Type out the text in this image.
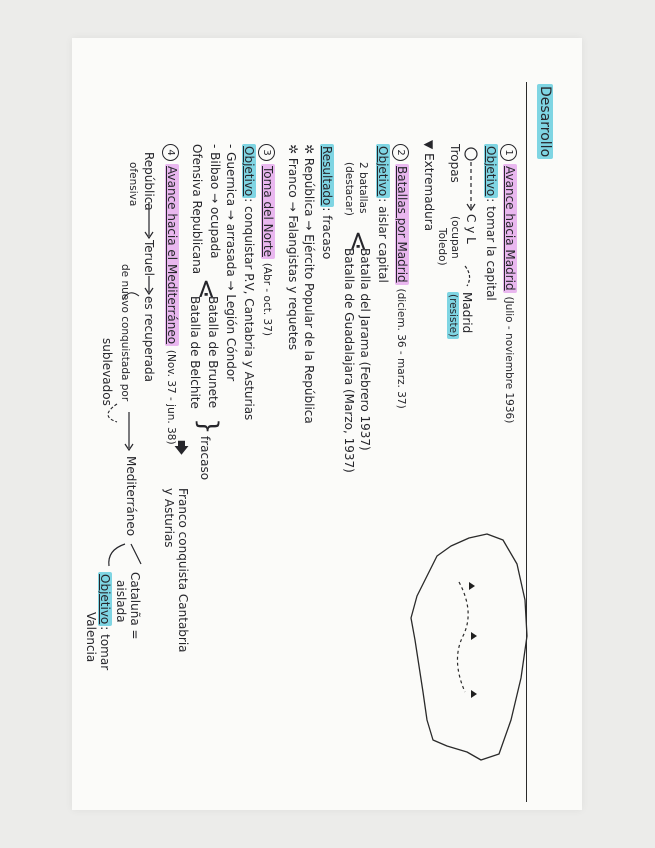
Desarrollo
1Avance hacia Madrid (Julio - noviembre 1936)
Objetivo: tomar la capital
Tropas
C y L
(ocupan
Toledo)
Madrid
(resiste)
▼ Extremadura
2Batallas por Madrid (diciem. 36 - marz. 37)
Objetivo: aislar capital
2 batallas
(destacar)
⋖
Batalla del Jarama (Febrero 1937)
Batalla de Guadalajara (Marzo, 1937)
Resultado: fracaso
✲ República → Ejército Popular de la República
✲ Franco → Falangistas y requetes
3Toma del Norte (Abr - oct. 37)
Objetivo: conquistar P.V, Cantabria y Asturias
- Guernica → arrasada → Legión Cóndor
- Bilbao → ocupada
Ofensiva Republicana
⋖
Batalla de Brunete
Batalla de Belchite
}
fracaso
🡆
Franco conquista Cantabria
y Asturias
4Avance hacia el Mediterráneo (Nov. 37 - jun. 38)
República
ofensiva
Teruel
es recuperada
de nuevo conquistada por
sublevados
Mediterráneo
Cataluña =
aislada
Objetivo: tomar
Valencia
